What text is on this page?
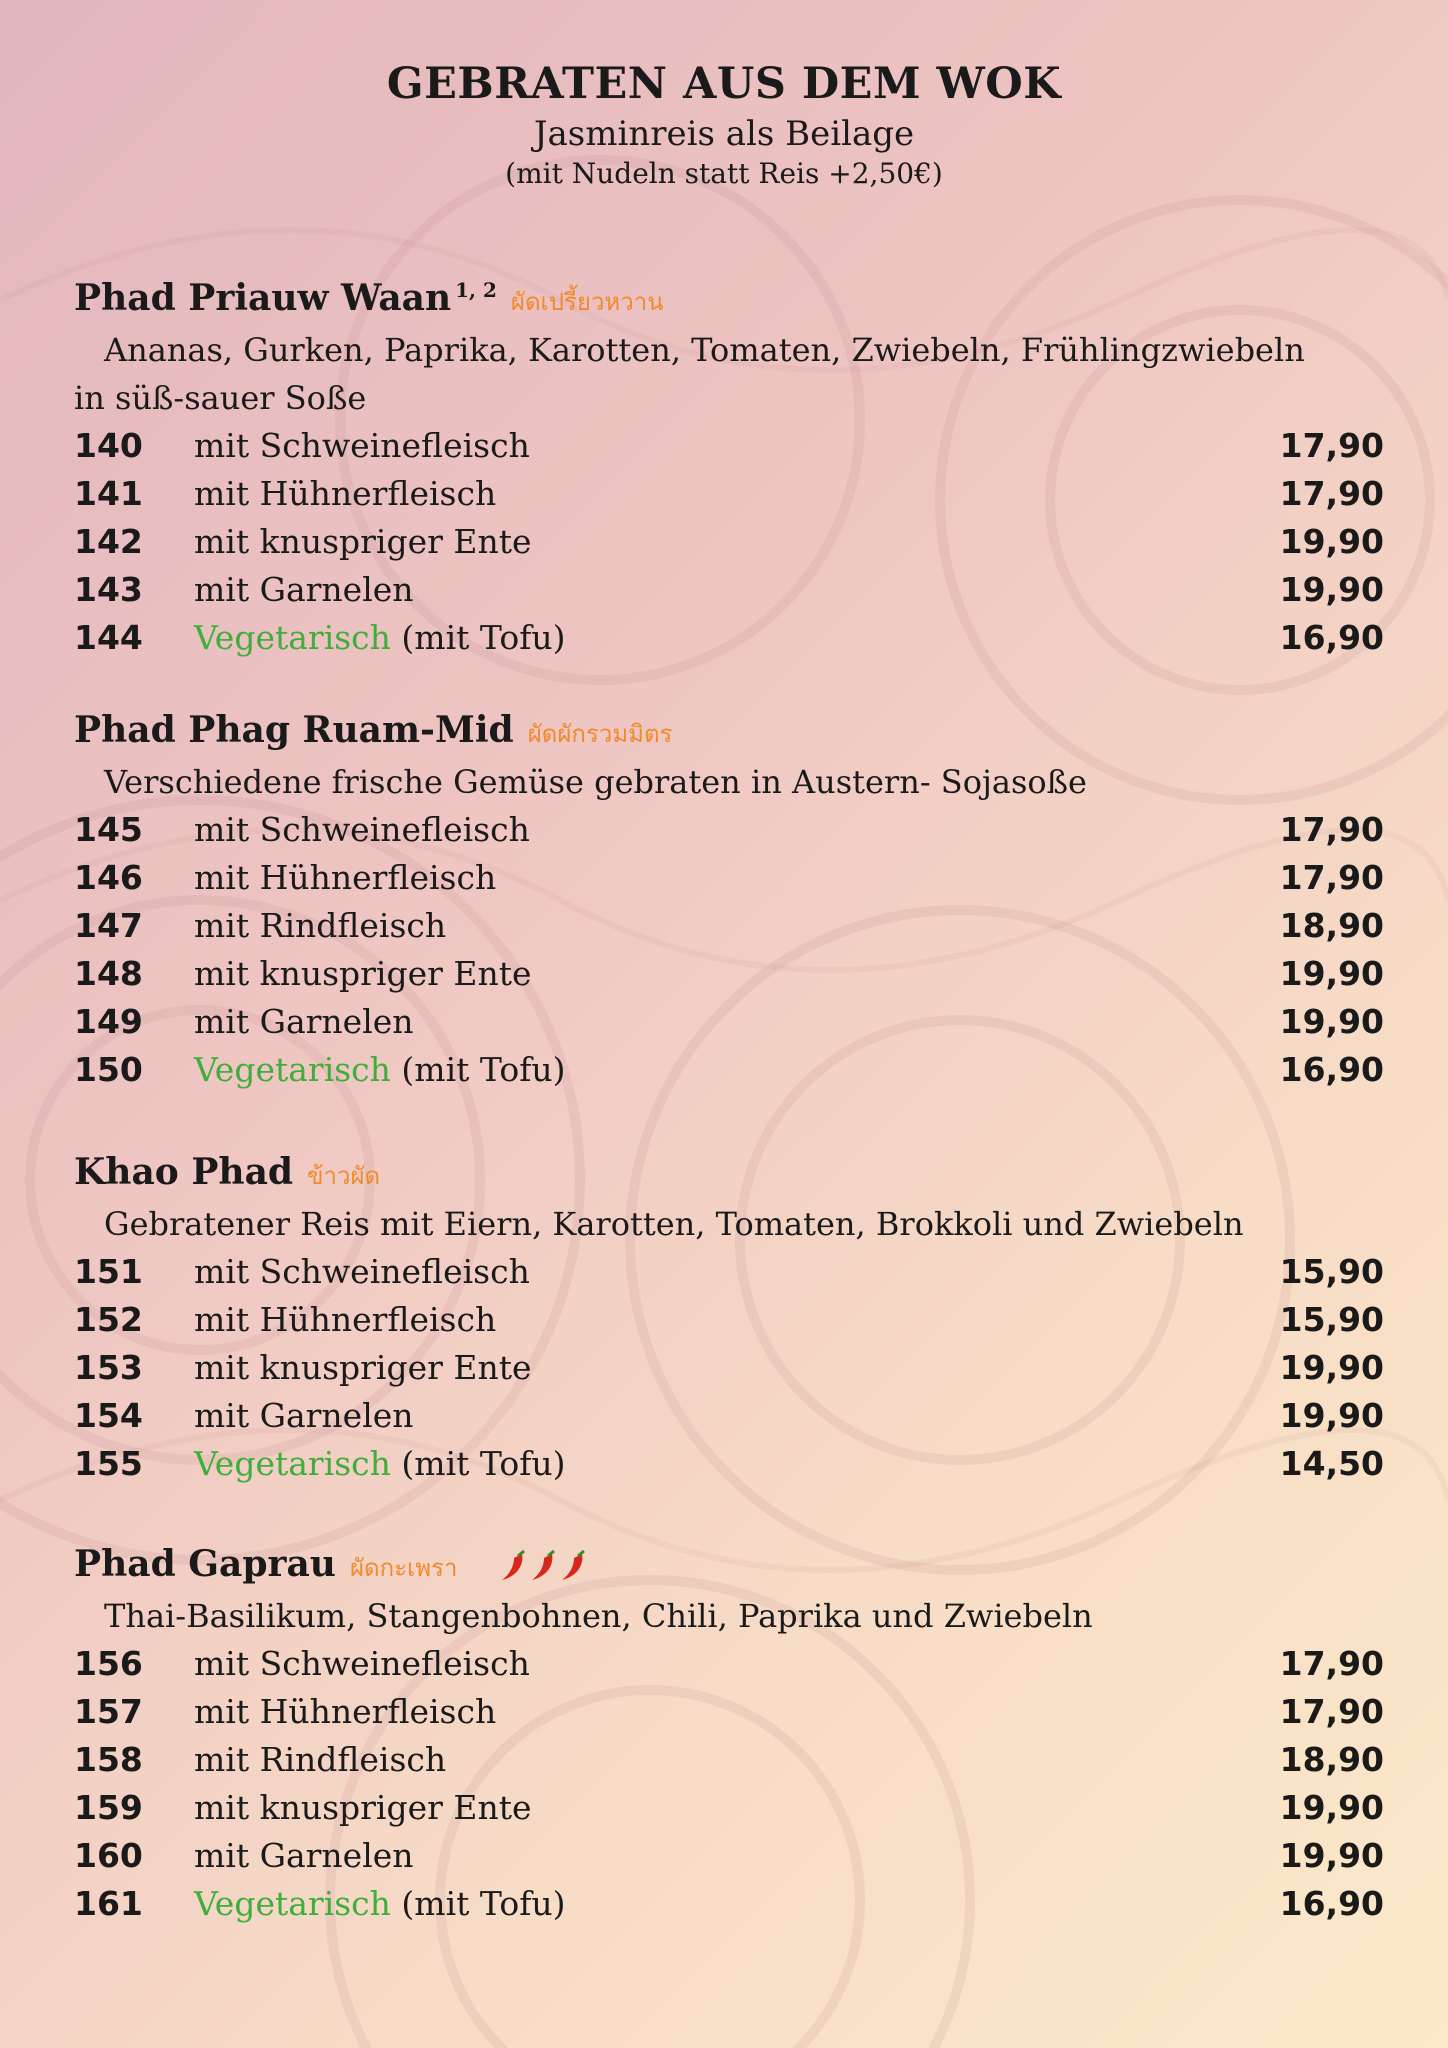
GEBRATEN AUS DEM WOK
Jasminreis als Beilage
(mit Nudeln statt Reis +2,50€)
Phad Priauw Waan $^{1, 2}$ ผัดเปรี้ยวหวาน
Ananas, Gurken, Paprika, Karotten, Tomaten, Zwiebeln, Frühlingzwiebeln
in süß-sauer Soße
140 mit Schweinefleisch	17,90
141 mit Hühnerfleisch	17,90
142 mit knuspriger Ente	19,90
143 mit Garnelen	19,90
144 Vegetarisch (mit Tofu)	16,90
Phad Phag Ruam-Mid ผัดผักรวมมิตร
Verschiedene frische Gemüse gebraten in Austern- Sojasoße
145 mit Schweinefleisch	17,90
146 mit Hühnerfleisch	17,90
147 mit Rindfleisch	18,90
148 mit knuspriger Ente	19,90
149 mit Garnelen	19,90
150 Vegetarisch (mit Tofu)	16,90
Khao Phad ข้าวผัด
Gebratener Reis mit Eiern, Karotten, Tomaten, Brokkoli und Zwiebeln
151 mit Schweinefleisch	15,90
152 mit Hühnerfleisch	15,90
153 mit knuspriger Ente	19,90
154 mit Garnelen	19,90
155 Vegetarisch (mit Tofu)	14,50
Phad Gaprau ผัดกะเพรา
Thai-Basilikum, Stangenbohnen, Chili, Paprika und Zwiebeln
156 mit Schweinefleisch	17,90
157 mit Hühnerfleisch	17,90
158 mit Rindfleisch	18,90
159 mit knuspriger Ente	19,90
160 mit Garnelen	19,90
161 Vegetarisch (mit Tofu)	16,90
